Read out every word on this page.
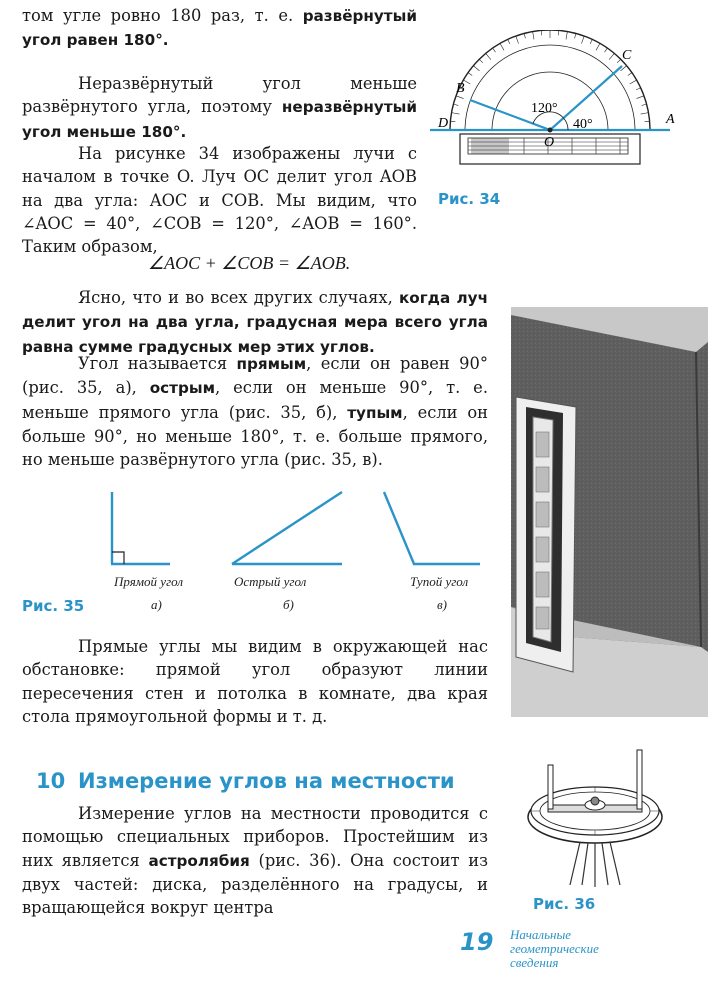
том угле ровно 180 раз, т. е. развёрнутый угол равен 180°.
Неразвёрнутый угол меньше развёрнутого угла, поэтому неразвёрнутый угол меньше 180°.
На рисунке 34 изображены лучи с началом в точке O. Луч OC делит угол AOB на два угла: AOC и COB. Мы видим, что ∠AOC = 40°, ∠COB = 120°, ∠AOB = 160°. Таким образом,
∠AOC + ∠COB = ∠AOB.
Ясно, что и во всех других случаях, когда луч делит угол на два угла, градусная мера всего угла равна сумме градусных мер этих углов.
Угол называется прямым, если он равен 90° (рис. 35, а), острым, если он меньше 90°, т. е. меньше прямого угла (рис. 35, б), тупым, если он больше 90°, но меньше 180°, т. е. больше прямого, но меньше развёрнутого угла (рис. 35, в).
B
C
D	A
O
120°
40°
Рис. 34
Прямой угол
а)
Острый угол
б)
Тупой угол
в)
Рис. 35
Прямые углы мы видим в окружающей нас обстановке: прямой угол образуют линии пересечения стен и потолка в комнате, два края стола прямоугольной формы и т. д.
10 Измерение углов на местности
Измерение углов на местности проводится с помощью специальных приборов. Простейшим из них является астролябия (рис. 36). Она состоит из двух частей: диска, разделённого на градусы, и вращающейся вокруг центра	Рис. 36
19 Начальные
геометрические
сведения
